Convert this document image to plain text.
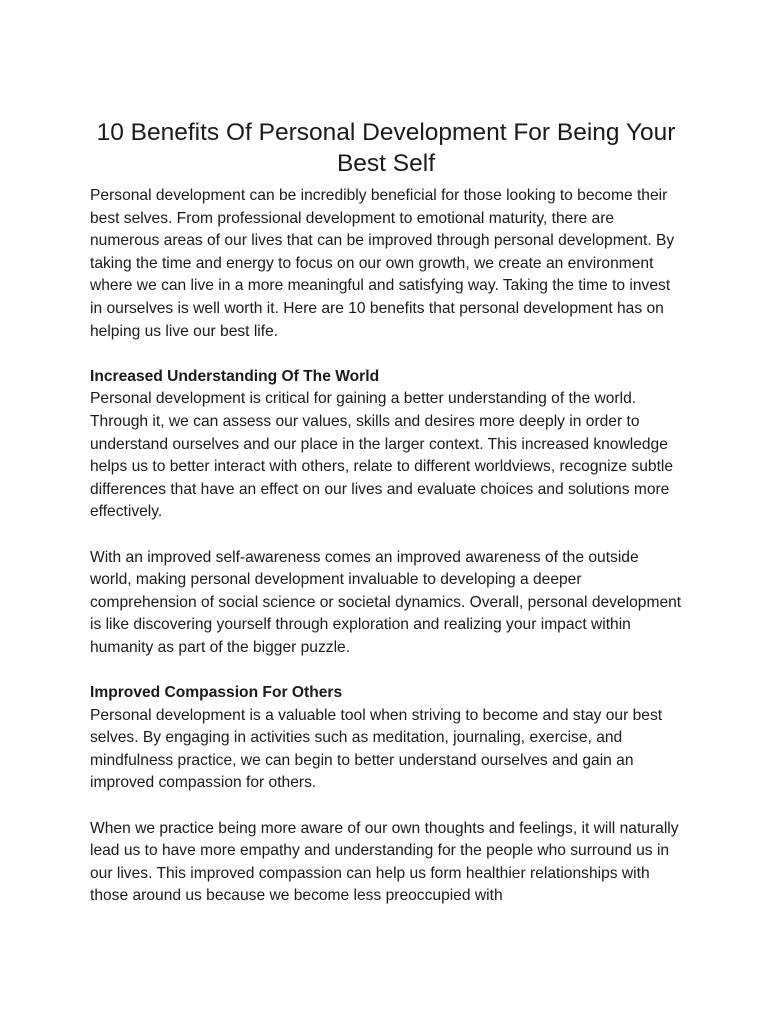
10 Benefits Of Personal Development For Being Your Best Self

Personal development can be incredibly beneficial for those looking to become their best selves. From professional development to emotional maturity, there are numerous areas of our lives that can be improved through personal development. By taking the time and energy to focus on our own growth, we create an environment where we can live in a more meaningful and satisfying way. Taking the time to invest in ourselves is well worth it. Here are 10 benefits that personal development has on helping us live our best life.

Increased Understanding Of The World

Personal development is critical for gaining a better understanding of the world. Through it, we can assess our values, skills and desires more deeply in order to understand ourselves and our place in the larger context. This increased knowledge helps us to better interact with others, relate to different worldviews, recognize subtle differences that have an effect on our lives and evaluate choices and solutions more effectively.

With an improved self-awareness comes an improved awareness of the outside world, making personal development invaluable to developing a deeper comprehension of social science or societal dynamics. Overall, personal development is like discovering yourself through exploration and realizing your impact within humanity as part of the bigger puzzle.

Improved Compassion For Others

Personal development is a valuable tool when striving to become and stay our best selves. By engaging in activities such as meditation, journaling, exercise, and mindfulness practice, we can begin to better understand ourselves and gain an improved compassion for others.

When we practice being more aware of our own thoughts and feelings, it will naturally lead us to have more empathy and understanding for the people who surround us in our lives. This improved compassion can help us form healthier relationships with those around us because we become less preoccupied with
